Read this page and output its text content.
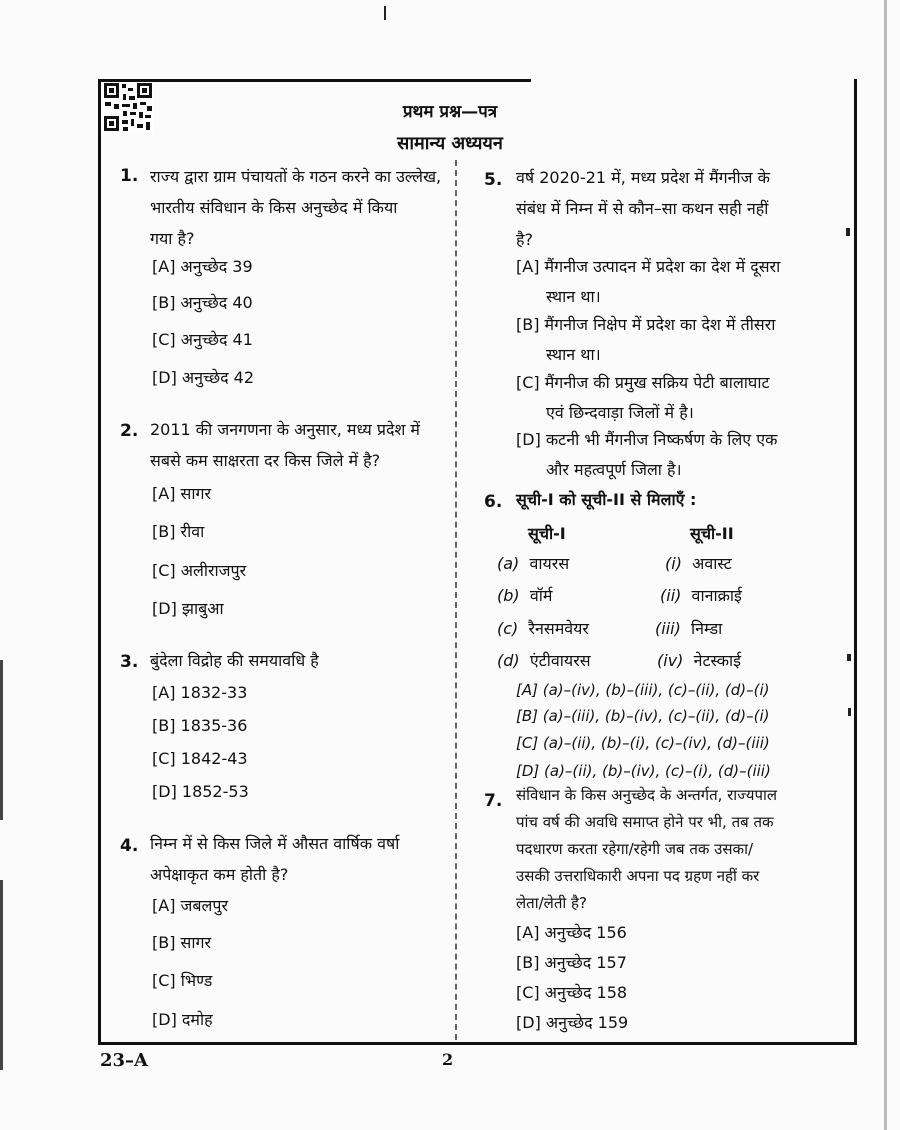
प्रथम प्रश्न—पत्र
सामान्य अध्ययन
1. राज्य द्वारा ग्राम पंचायतों के गठन करने का उल्लेख,
भारतीय संविधान के किस अनुच्छेद में किया
गया है?
[A] अनुच्छेद 39
[B] अनुच्छेद 40
[C] अनुच्छेद 41
[D] अनुच्छेद 42
2. 2011 की जनगणना के अनुसार, मध्य प्रदेश में
सबसे कम साक्षरता दर किस जिले में है?
[A] सागर
[B] रीवा
[C] अलीराजपुर
[D] झाबुआ
3. बुंदेला विद्रोह की समयावधि है
[A] 1832-33
[B] 1835-36
[C] 1842-43
[D] 1852-53
4. निम्न में से किस जिले में औसत वार्षिक वर्षा
अपेक्षाकृत कम होती है?
[A] जबलपुर
[B] सागर
[C] भिण्ड
[D] दमोह
5. वर्ष 2020-21 में, मध्य प्रदेश में मैंगनीज के
संबंध में निम्न में से कौन–सा कथन सही नहीं
है?
[A] मैंगनीज उत्पादन में प्रदेश का देश में दूसरा
स्थान था।
[B] मैंगनीज निक्षेप में प्रदेश का देश में तीसरा
स्थान था।
[C] मैंगनीज की प्रमुख सक्रिय पेटी बालाघाट
एवं छिन्दवाड़ा जिलों में है।
[D] कटनी भी मैंगनीज निष्कर्षण के लिए एक
और महत्वपूर्ण जिला है।
6. सूची-I को सूची-II से मिलाएँ :
सूची-I	सूची-II
(a) वायरस
(b) वॉर्म
(c) रैनसमवेयर
(d) एंटीवायरस
(i) अवास्ट
(ii) वानाक्राई
(iii) निम्डा
(iv) नेटस्काई
[A] (a)–(iv), (b)–(iii), (c)–(ii), (d)–(i)
[B] (a)–(iii), (b)–(iv), (c)–(ii), (d)–(i)
[C] (a)–(ii), (b)–(i), (c)–(iv), (d)–(iii)
[D] (a)–(ii), (b)–(iv), (c)–(i), (d)–(iii)
7. संविधान के किस अनुच्छेद के अन्तर्गत, राज्यपाल
पांच वर्ष की अवधि समाप्त होने पर भी, तब तक
पदधारण करता रहेगा/रहेगी जब तक उसका/
उसकी उत्तराधिकारी अपना पद ग्रहण नहीं कर
लेता/लेती है?
[A] अनुच्छेद 156
[B] अनुच्छेद 157
[C] अनुच्छेद 158
[D] अनुच्छेद 159
23–A	2
